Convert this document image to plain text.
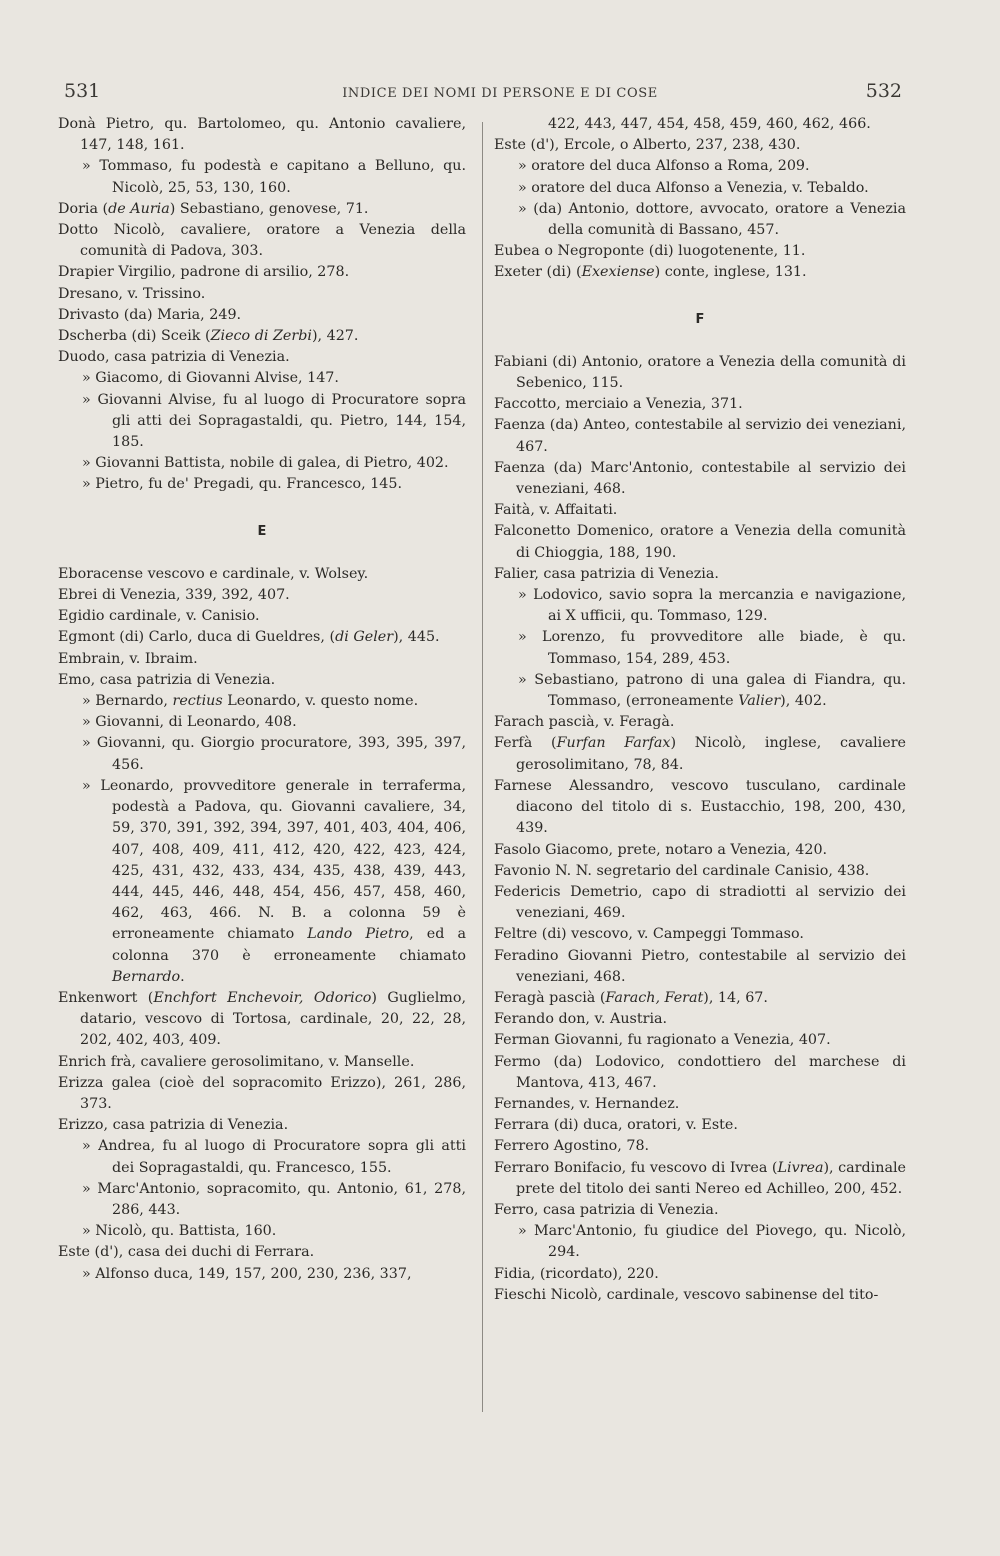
531	INDICE DEI NOMI DI PERSONE E DI COSE	532
Donà Pietro, qu. Bartolomeo, qu. Antonio cavaliere, 147, 148, 161.
» Tommaso, fu podestà e capitano a Belluno, qu. Nicolò, 25, 53, 130, 160.
Doria (de Auria) Sebastiano, genovese, 71.
Dotto Nicolò, cavaliere, oratore a Venezia della comunità di Padova, 303.
Drapier Virgilio, padrone di arsilio, 278.
Dresano, v. Trissino.
Drivasto (da) Maria, 249.
Dscherba (di) Sceik (Zieco di Zerbi), 427.
Duodo, casa patrizia di Venezia.
» Giacomo, di Giovanni Alvise, 147.
» Giovanni Alvise, fu al luogo di Procuratore sopra gli atti dei Sopragastaldi, qu. Pietro, 144, 154, 185.
» Giovanni Battista, nobile di galea, di Pietro, 402.
» Pietro, fu de' Pregadi, qu. Francesco, 145.
E
Eboracense vescovo e cardinale, v. Wolsey.
Ebrei di Venezia, 339, 392, 407.
Egidio cardinale, v. Canisio.
Egmont (di) Carlo, duca di Gueldres, (di Geler), 445.
Embrain, v. Ibraim.
Emo, casa patrizia di Venezia.
» Bernardo, rectius Leonardo, v. questo nome.
» Giovanni, di Leonardo, 408.
» Giovanni, qu. Giorgio procuratore, 393, 395, 397, 456.
» Leonardo, provveditore generale in terraferma, podestà a Padova, qu. Giovanni cavaliere, 34, 59, 370, 391, 392, 394, 397, 401, 403, 404, 406, 407, 408, 409, 411, 412, 420, 422, 423, 424, 425, 431, 432, 433, 434, 435, 438, 439, 443, 444, 445, 446, 448, 454, 456, 457, 458, 460, 462, 463, 466. N. B. a colonna 59 è erroneamente chiamato Lando Pietro, ed a colonna 370 è erroneamente chiamato Bernardo.
Enkenwort (Enchfort Enchevoir, Odorico) Guglielmo, datario, vescovo di Tortosa, cardinale, 20, 22, 28, 202, 402, 403, 409.
Enrich frà, cavaliere gerosolimitano, v. Manselle.
Erizza galea (cioè del sopracomito Erizzo), 261, 286, 373.
Erizzo, casa patrizia di Venezia.
» Andrea, fu al luogo di Procuratore sopra gli atti dei Sopragastaldi, qu. Francesco, 155.
» Marc'Antonio, sopracomito, qu. Antonio, 61, 278, 286, 443.
» Nicolò, qu. Battista, 160.
Este (d'), casa dei duchi di Ferrara.
» Alfonso duca, 149, 157, 200, 230, 236, 337,
422, 443, 447, 454, 458, 459, 460, 462, 466.
Este (d'), Ercole, o Alberto, 237, 238, 430.
» oratore del duca Alfonso a Roma, 209.
» oratore del duca Alfonso a Venezia, v. Tebaldo.
» (da) Antonio, dottore, avvocato, oratore a Venezia della comunità di Bassano, 457.
Eubea o Negroponte (di) luogotenente, 11.
Exeter (di) (Exexiense) conte, inglese, 131.
F
Fabiani (di) Antonio, oratore a Venezia della comunità di Sebenico, 115.
Faccotto, merciaio a Venezia, 371.
Faenza (da) Anteo, contestabile al servizio dei veneziani, 467.
Faenza (da) Marc'Antonio, contestabile al servizio dei veneziani, 468.
Faità, v. Affaitati.
Falconetto Domenico, oratore a Venezia della comunità di Chioggia, 188, 190.
Falier, casa patrizia di Venezia.
» Lodovico, savio sopra la mercanzia e navigazione, ai X ufficii, qu. Tommaso, 129.
» Lorenzo, fu provveditore alle biade, è qu. Tommaso, 154, 289, 453.
» Sebastiano, patrono di una galea di Fiandra, qu. Tommaso, (erroneamente Valier), 402.
Farach pascià, v. Feragà.
Ferfà (Furfan Farfax) Nicolò, inglese, cavaliere gerosolimitano, 78, 84.
Farnese Alessandro, vescovo tusculano, cardinale diacono del titolo di s. Eustacchio, 198, 200, 430, 439.
Fasolo Giacomo, prete, notaro a Venezia, 420.
Favonio N. N. segretario del cardinale Canisio, 438.
Federicis Demetrio, capo di stradiotti al servizio dei veneziani, 469.
Feltre (di) vescovo, v. Campeggi Tommaso.
Feradino Giovanni Pietro, contestabile al servizio dei veneziani, 468.
Feragà pascià (Farach, Ferat), 14, 67.
Ferando don, v. Austria.
Ferman Giovanni, fu ragionato a Venezia, 407.
Fermo (da) Lodovico, condottiero del marchese di Mantova, 413, 467.
Fernandes, v. Hernandez.
Ferrara (di) duca, oratori, v. Este.
Ferrero Agostino, 78.
Ferraro Bonifacio, fu vescovo di Ivrea (Livrea), cardinale prete del titolo dei santi Nereo ed Achilleo, 200, 452.
Ferro, casa patrizia di Venezia.
» Marc'Antonio, fu giudice del Piovego, qu. Nicolò, 294.
Fidia, (ricordato), 220.
Fieschi Nicolò, cardinale, vescovo sabinense del tito-
